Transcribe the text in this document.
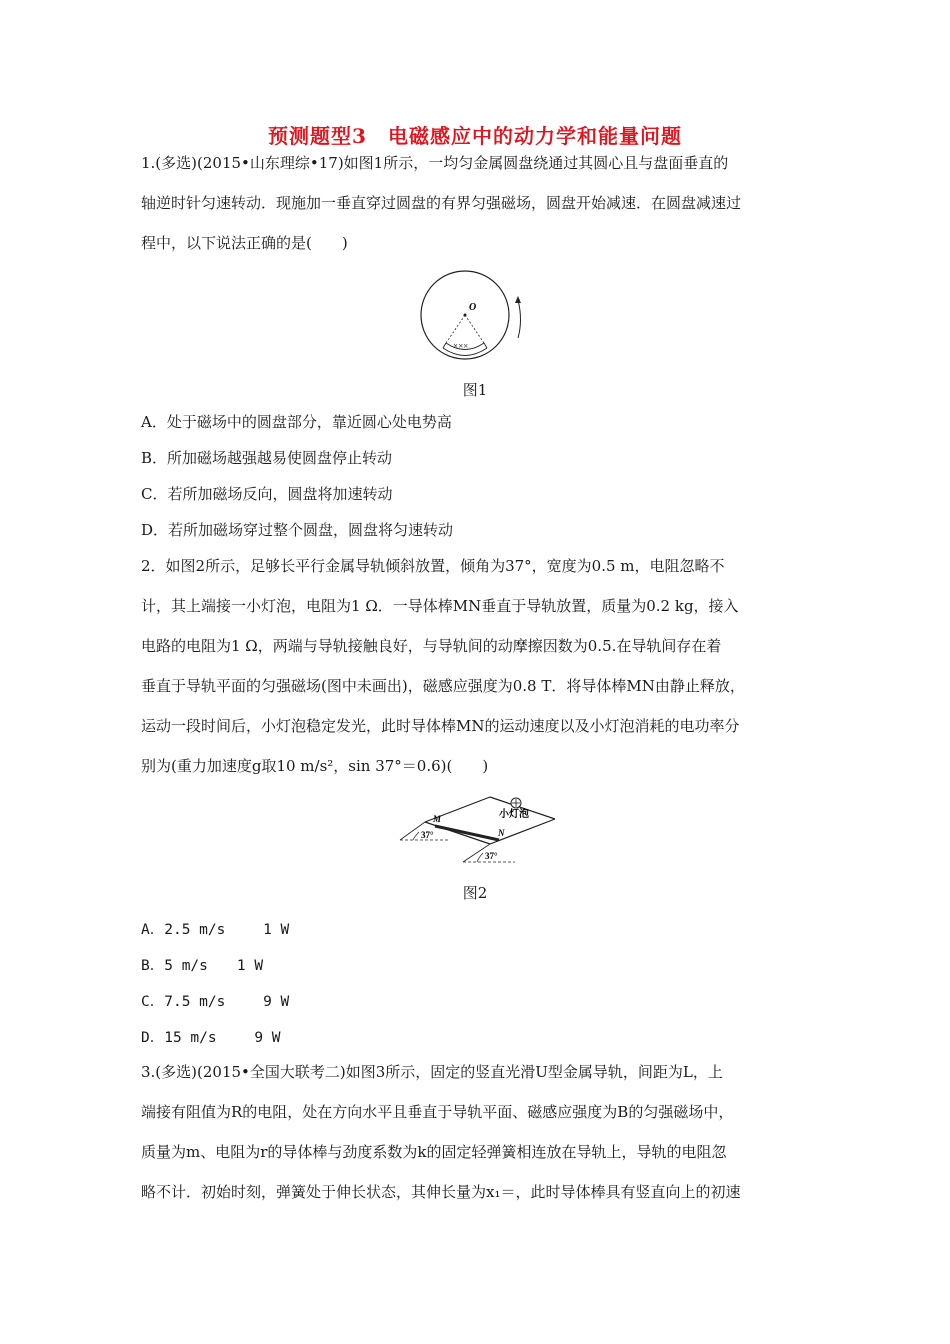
预测题型3　电磁感应中的动力学和能量问题
1.(多选)(2015•山东理综•17)如图1所示，一均匀金属圆盘绕通过其圆心且与盘面垂直的
轴逆时针匀速转动．现施加一垂直穿过圆盘的有界匀强磁场，圆盘开始减速．在圆盘减速过
程中，以下说法正确的是(　　)
O
×××
图1
A．处于磁场中的圆盘部分，靠近圆心处电势高
B．所加磁场越强越易使圆盘停止转动
C．若所加磁场反向，圆盘将加速转动
D．若所加磁场穿过整个圆盘，圆盘将匀速转动
2．如图2所示，足够长平行金属导轨倾斜放置，倾角为37°，宽度为0.5 m，电阻忽略不
计，其上端接一小灯泡，电阻为1 Ω．一导体棒MN垂直于导轨放置，质量为0.2 kg，接入
电路的电阻为1 Ω，两端与导轨接触良好，与导轨间的动摩擦因数为0.5.在导轨间存在着
垂直于导轨平面的匀强磁场(图中未画出)，磁感应强度为0.8 T．将导体棒MN由静止释放，
运动一段时间后，小灯泡稳定发光，此时导体棒MN的运动速度以及小灯泡消耗的电功率分
别为(重力加速度g取10 m/s²，sin 37°＝0.6)(　　)
M
N
小灯泡
37°
37°
图2
A．2.5 m/s　　 1 W
B．5 m/s　　1 W
C．7.5 m/s　　 9 W
D．15 m/s　　 9 W
3.(多选)(2015•全国大联考二)如图3所示，固定的竖直光滑U型金属导轨，间距为L，上
端接有阻值为R的电阻，处在方向水平且垂直于导轨平面、磁感应强度为B的匀强磁场中，
质量为m、电阻为r的导体棒与劲度系数为k的固定轻弹簧相连放在导轨上，导轨的电阻忽
略不计．初始时刻，弹簧处于伸长状态，其伸长量为x₁＝，此时导体棒具有竖直向上的初速
